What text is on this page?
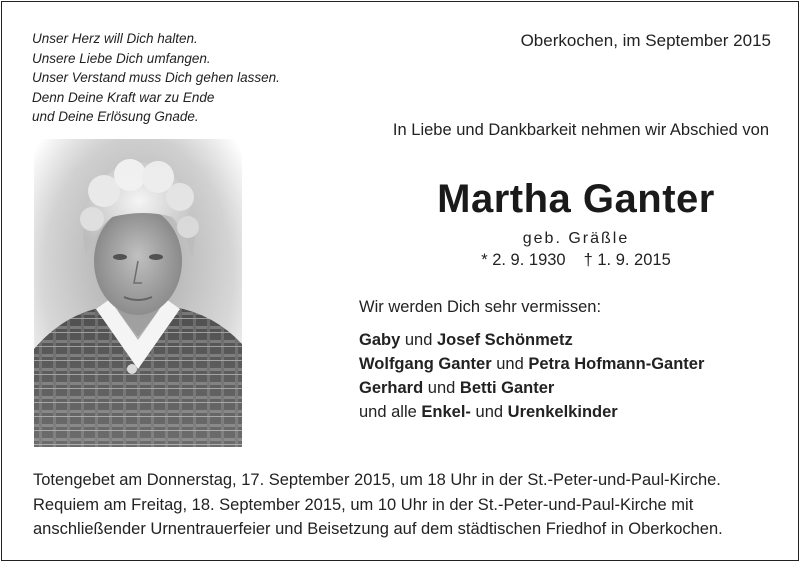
Unser Herz will Dich halten.
Unsere Liebe Dich umfangen.
Unser Verstand muss Dich gehen lassen.
Denn Deine Kraft war zu Ende
und Deine Erlösung Gnade.
Oberkochen, im September 2015
In Liebe und Dankbarkeit nehmen wir Abschied von
Martha Ganter
geb. Gräßle
* 2. 9. 1930 † 1. 9. 2015
Wir werden Dich sehr vermissen:
Gaby und Josef Schönmetz
Wolfgang Ganter und Petra Hofmann-Ganter
Gerhard und Betti Ganter
und alle Enkel- und Urenkelkinder
Totengebet am Donnerstag, 17. September 2015, um 18 Uhr in der St.-Peter-und-Paul-Kirche.
Requiem am Freitag, 18. September 2015, um 10 Uhr in der St.-Peter-und-Paul-Kirche mit
anschließender Urnentrauerfeier und Beisetzung auf dem städtischen Friedhof in Oberkochen.
